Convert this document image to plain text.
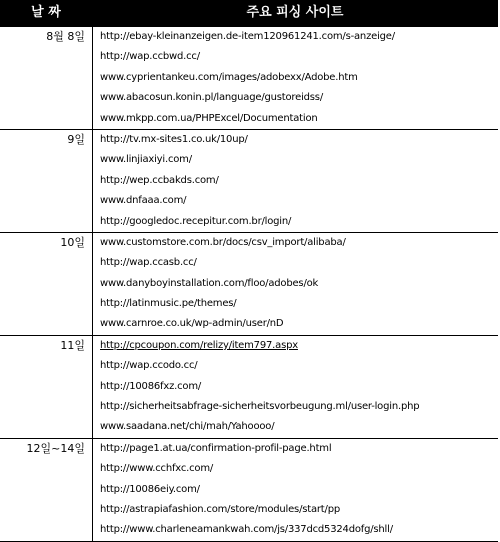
날 짜	주요 피싱 사이트
8월 8일 http://ebay-kleinanzeigen.de-item120961241.com/s-anzeige/
http://wap.ccbwd.cc/
www.cyprientankeu.com/images/adobexx/Adobe.htm
www.abacosun.konin.pl/language/gustoreidss/
www.mkpp.com.ua/PHPExcel/Documentation
9일 http://tv.mx-sites1.co.uk/10up/
www.linjiaxiyi.com/
http://wep.ccbakds.com/
www.dnfaaa.com/
http://googledoc.recepitur.com.br/login/
10일 www.customstore.com.br/docs/csv_import/alibaba/
http://wap.ccasb.cc/
www.danyboyinstallation.com/floo/adobes/ok
http://latinmusic.pe/themes/
www.carnroe.co.uk/wp-admin/user/nD
11일 http://cpcoupon.com/relizy/item797.aspx
http://wap.ccodo.cc/
http://10086fxz.com/
http://sicherheitsabfrage-sicherheitsvorbeugung.ml/user-login.php
www.saadana.net/chi/mah/Yahoooo/
12일~14일 http://page1.at.ua/confirmation-profil-page.html
http://www.cchfxc.com/
http://10086eiy.com/
http://astrapiafashion.com/store/modules/start/pp
http://www.charleneamankwah.com/js/337dcd5324dofg/shll/
